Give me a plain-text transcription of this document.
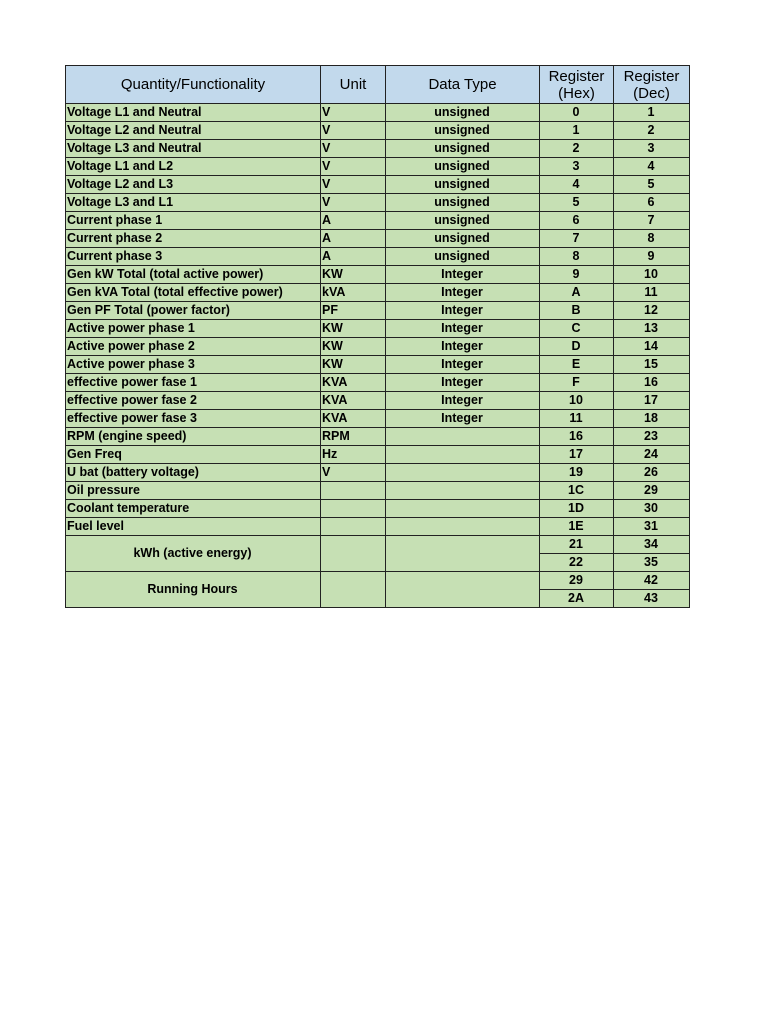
Quantity/Functionality	Unit	Data Type	Register (Hex)	Register (Dec)
Voltage L1 and Neutral	V	unsigned	0	1
Voltage L2 and Neutral	V	unsigned	1	2
Voltage L3 and Neutral	V	unsigned	2	3
Voltage L1 and L2	V	unsigned	3	4
Voltage L2 and L3	V	unsigned	4	5
Voltage L3 and L1	V	unsigned	5	6
Current phase 1	A	unsigned	6	7
Current phase 2	A	unsigned	7	8
Current phase 3	A	unsigned	8	9
Gen kW Total (total active power)	KW	Integer	9	10
Gen kVA Total (total effective power)	kVA	Integer	A	11
Gen PF Total (power factor)	PF	Integer	B	12
Active power phase 1	KW	Integer	C	13
Active power phase 2	KW	Integer	D	14
Active power phase 3	KW	Integer	E	15
effective power fase 1	KVA	Integer	F	16
effective power fase 2	KVA	Integer	10	17
effective power fase 3	KVA	Integer	11	18
RPM (engine speed)	RPM		16	23
Gen Freq	Hz		17	24
U bat (battery voltage)	V		19	26
Oil pressure			1C	29
Coolant temperature			1D	30
Fuel level			1E	31
kWh (active energy)			21	34
			22	35
Running Hours			29	42
			2A	43
